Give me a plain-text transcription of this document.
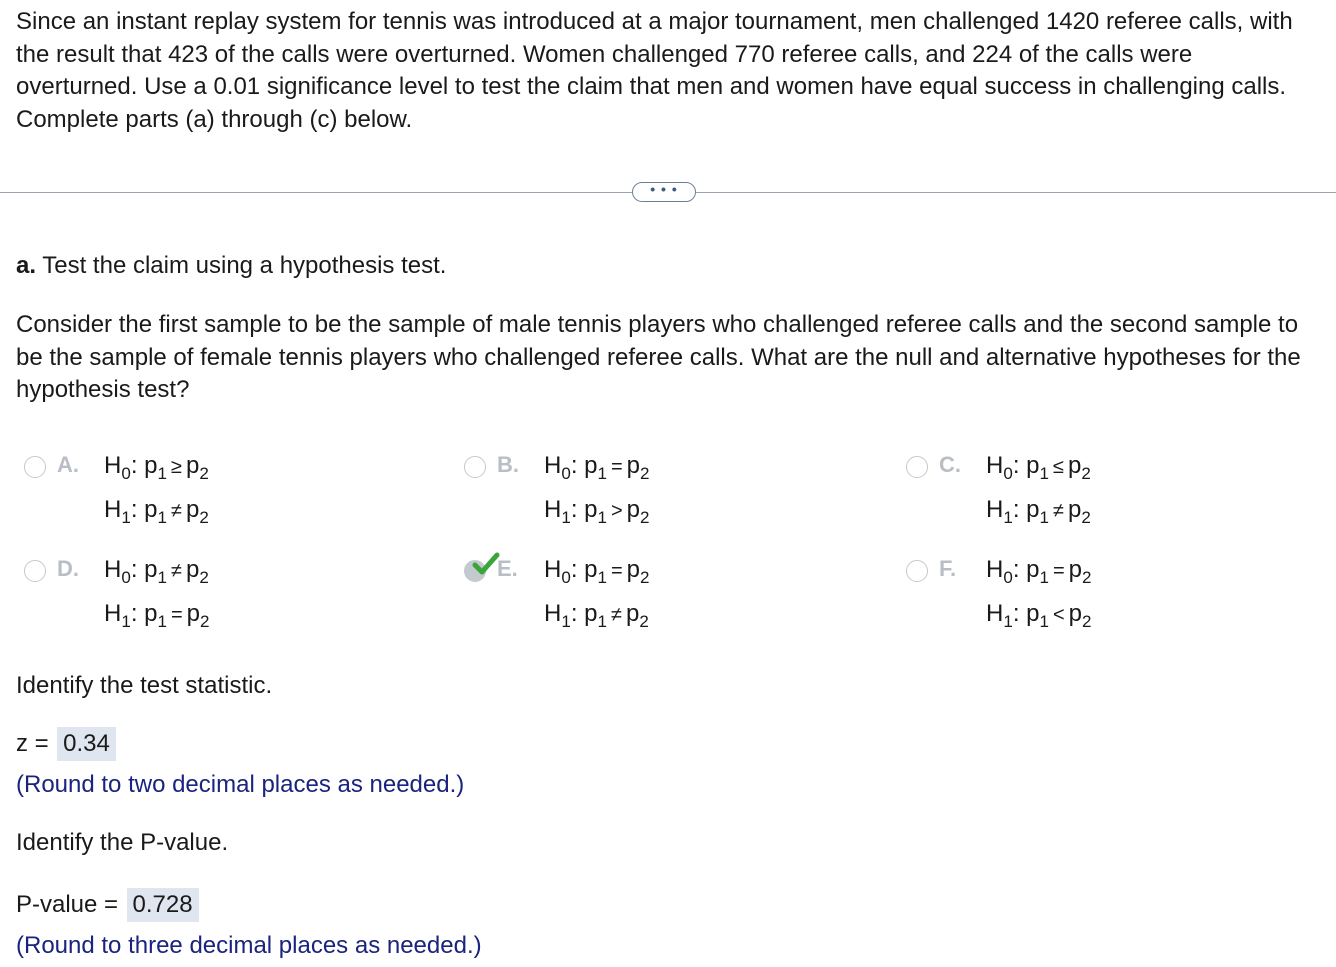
Since an instant replay system for tennis was introduced at a major tournament, men challenged 1420 referee calls, with the result that 423 of the calls were overturned. Women challenged 770 referee calls, and 224 of the calls were overturned. Use a 0.01 significance level to test the claim that men and women have equal success in challenging calls. Complete parts (a) through (c) below.
• • •
a. Test the claim using a hypothesis test.
Consider the first sample to be the sample of male tennis players who challenged referee calls and the second sample to be the sample of female tennis players who challenged referee calls. What are the null and alternative hypotheses for the hypothesis test?
A. $H_0$: $p_1 \ge p_2$
$H_1$: $p_1 \ne p_2$
B. $H_0$: $p_1 = p_2$
$H_1$: $p_1 > p_2$
C. $H_0$: $p_1 \le p_2$
$H_1$: $p_1 \ne p_2$
D. $H_0$: $p_1 \ne p_2$
$H_1$: $p_1 = p_2$
E. $H_0$: $p_1 = p_2$
$H_1$: $p_1 \ne p_2$
F. $H_0$: $p_1 = p_2$
$H_1$: $p_1 < p_2$
Identify the test statistic.
z = 0.34
(Round to two decimal places as needed.)
Identify the P-value.
P-value = 0.728
(Round to three decimal places as needed.)
